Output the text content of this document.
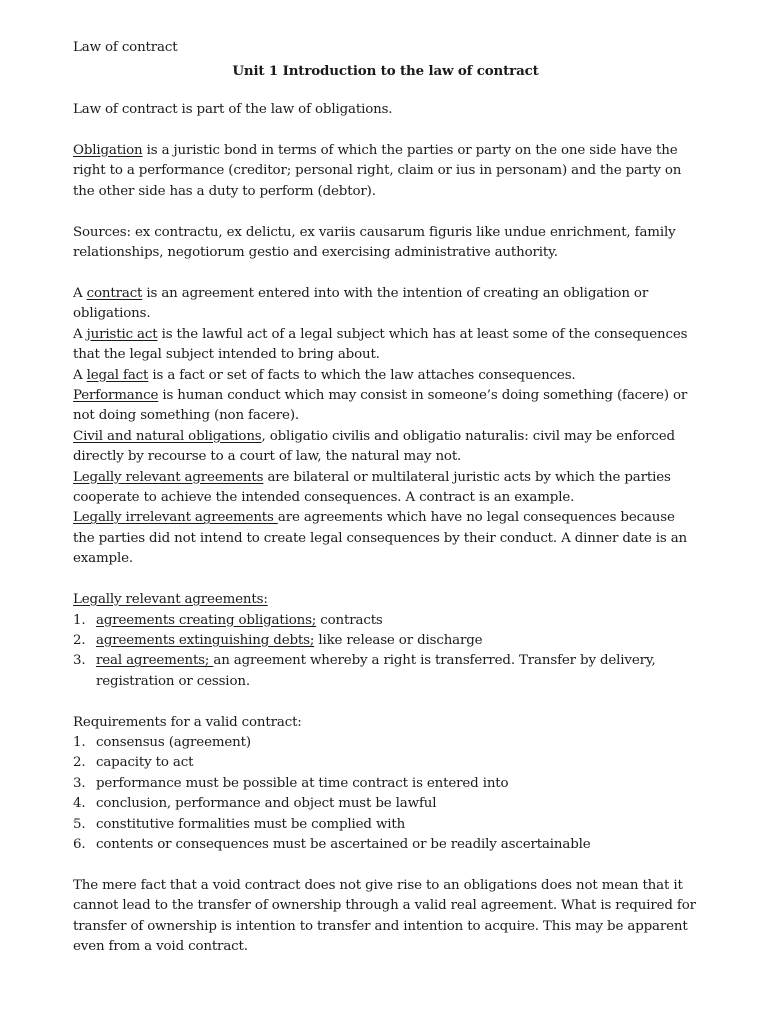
Law of contract

Unit 1 Introduction to the law of contract

Law of contract is part of the law of obligations.

Obligation is a juristic bond in terms of which the parties or party on the one side have the right to a performance (creditor; personal right, claim or ius in personam) and the party on the other side has a duty to perform (debtor).

Sources: ex contractu, ex delictu, ex variis causarum figuris like undue enrichment, family relationships, negotiorum gestio and exercising administrative authority.

A contract is an agreement entered into with the intention of creating an obligation or obligations.

A juristic act is the lawful act of a legal subject which has at least some of the consequences that the legal subject intended to bring about.

A legal fact is a fact or set of facts to which the law attaches consequences.

Performance is human conduct which may consist in someone’s doing something (facere) or not doing something (non facere).

Civil and natural obligations, obligatio civilis and obligatio naturalis: civil may be enforced directly by recourse to a court of law, the natural may not.

Legally relevant agreements are bilateral or multilateral juristic acts by which the parties cooperate to achieve the intended consequences. A contract is an example.

Legally irrelevant agreements are agreements which have no legal consequences because the parties did not intend to create legal consequences by their conduct. A dinner date is an example.

Legally relevant agreements:

1. agreements creating obligations; contracts
2. agreements extinguishing debts; like release or discharge
3. real agreements; an agreement whereby a right is transferred. Transfer by delivery, registration or cession.

Requirements for a valid contract:

1. consensus (agreement)
2. capacity to act
3. performance must be possible at time contract is entered into
4. conclusion, performance and object must be lawful
5. constitutive formalities must be complied with
6. contents or consequences must be ascertained or be readily ascertainable

The mere fact that a void contract does not give rise to an obligations does not mean that it cannot lead to the transfer of ownership through a valid real agreement. What is required for transfer of ownership is intention to transfer and intention to acquire. This may be apparent even from a void contract.
